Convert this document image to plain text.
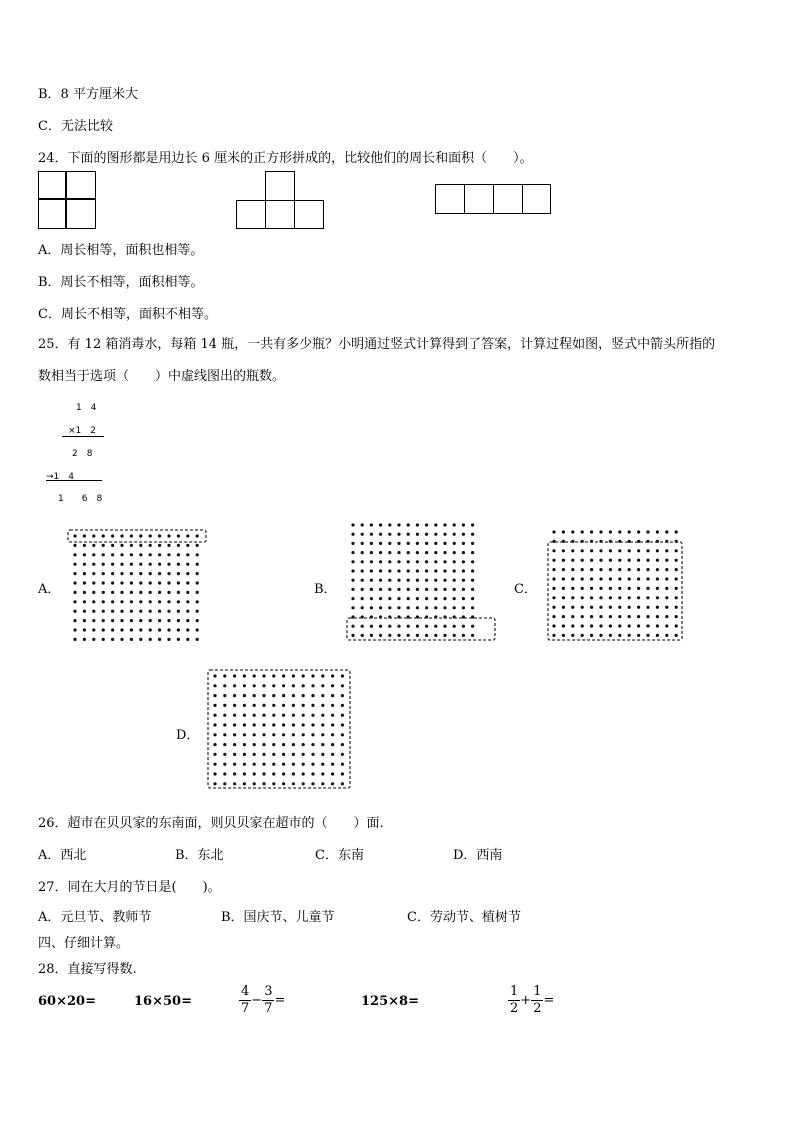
B．8 平方厘米大
C．无法比较
24．下面的图形都是用边长 6 厘米的正方形拼成的，比较他们的周长和面积（　　）。
A．周长相等，面积也相等。
B．周长不相等，面积相等。
C．周长不相等，面积不相等。
25．有 12 箱消毒水，每箱 14 瓶，一共有多少瓶？小明通过竖式计算得到了答案，计算过程如图，竖式中箭头所指的
数相当于选项（　　）中虚线图出的瓶数。
1　4
×1　2
2　8
→1　4
1　　6　8
A．	B．	C．
D．
26．超市在贝贝家的东南面，则贝贝家在超市的（　　）面.
A．西北	B．东北	C．东南	D．西南
27．同在大月的节日是(　　)。
A．元旦节、教师节	B．国庆节、儿童节	C．劳动节、植树节
四、仔细计算。
28．直接写得数.
60×20=	16×50=	$\frac{4}{7} - \frac{3}{7}$ =	125×8=	$\frac{1}{2} + \frac{1}{2}$ =
